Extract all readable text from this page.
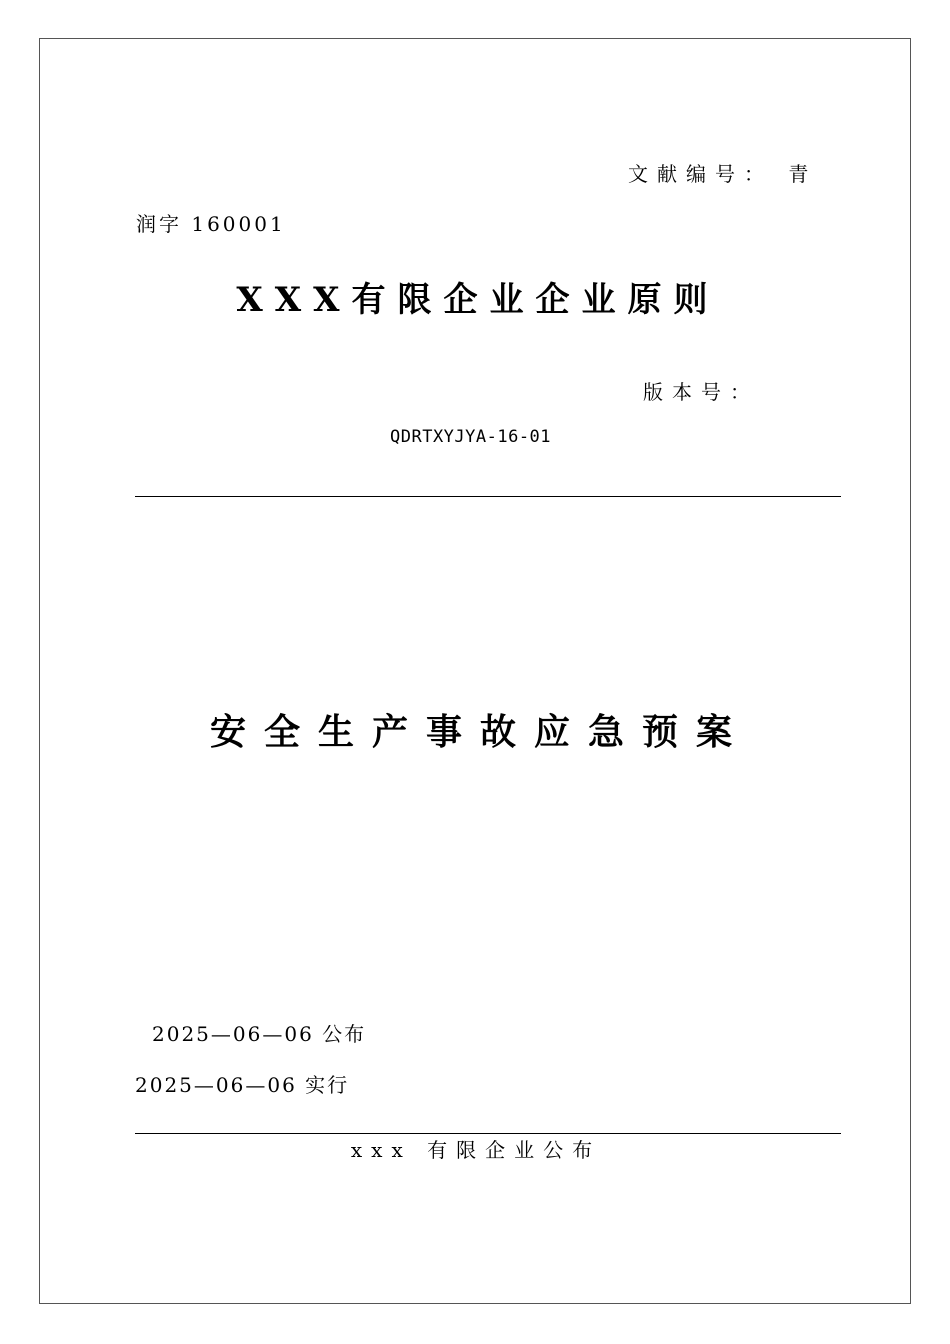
文献编号： 青
润字 160001
XXX有限企业企业原则
版本号：
QDRTXYJYA-16-01
安全生产事故应急预案
2025—06—06 公布
2025—06—06 实行
xxx 有限企业公布
